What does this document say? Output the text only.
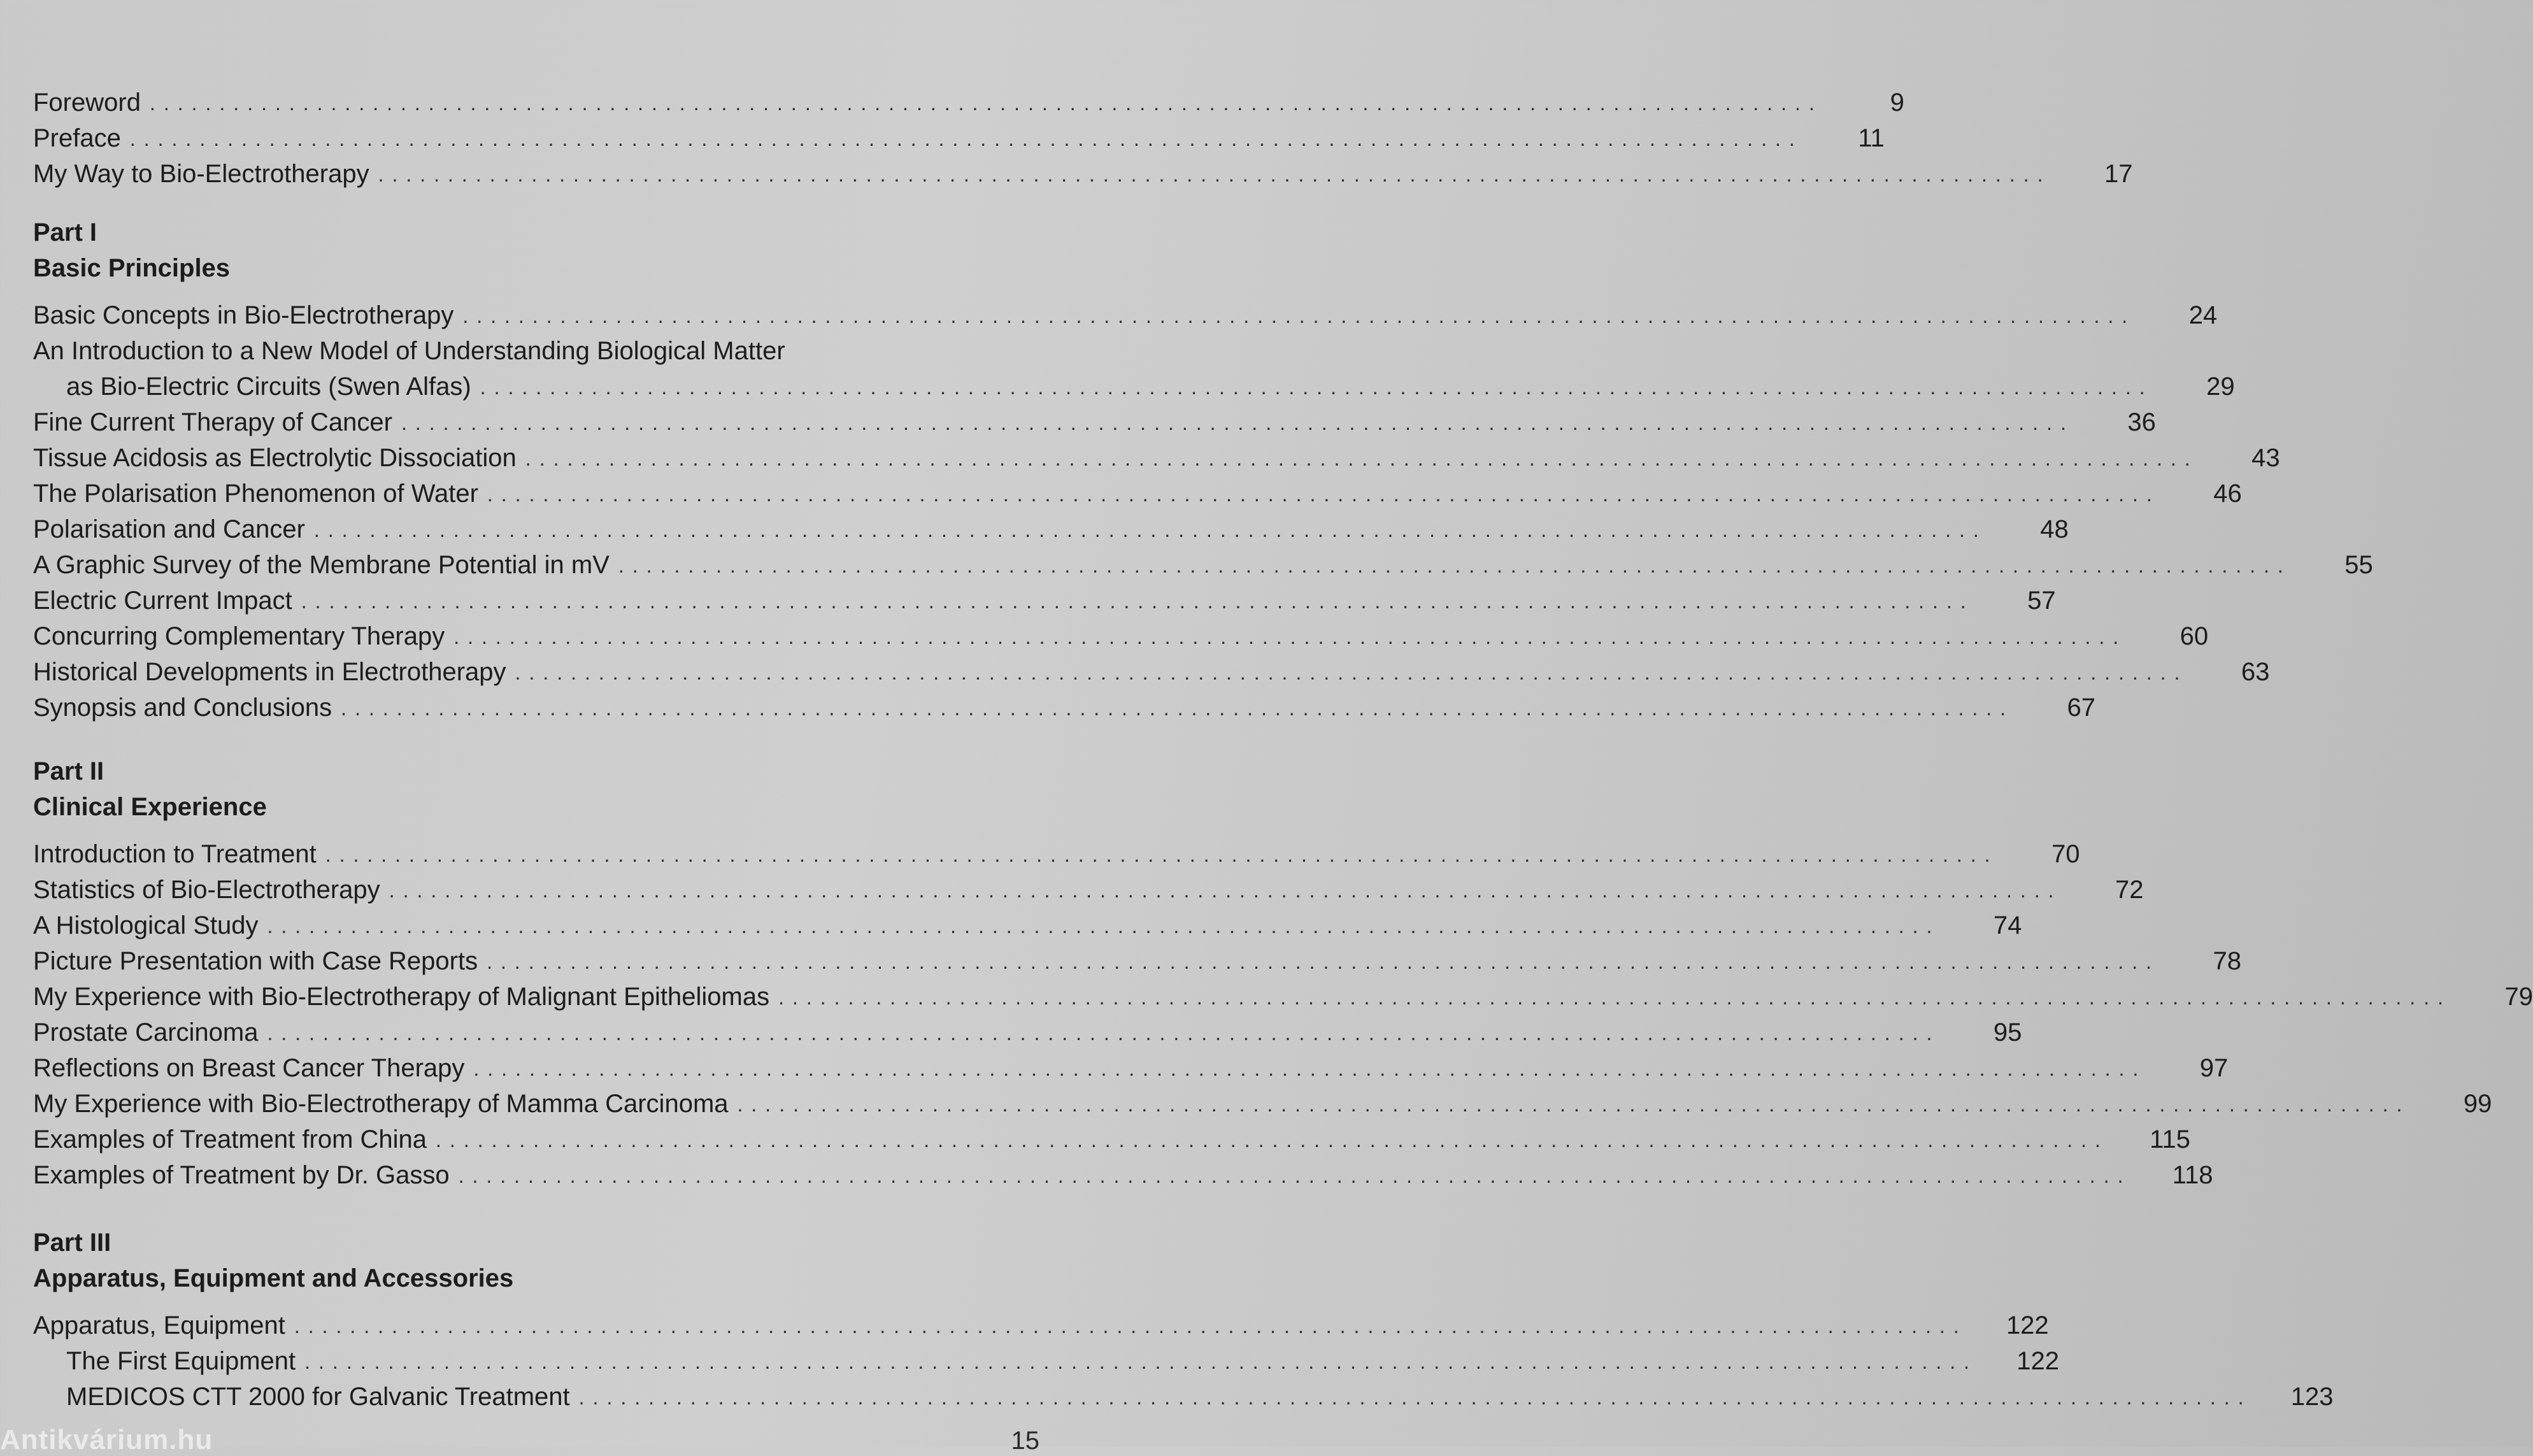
Foreword ........................................................................................................................	9
Preface ........................................................................................................................	11
My Way to Bio-Electrotherapy ........................................................................................................................	17
Part I
Basic Principles
Basic Concepts in Bio-Electrotherapy ........................................................................................................................	24
An Introduction to a New Model of Understanding Biological Matter
as Bio-Electric Circuits (Swen Alfas) ........................................................................................................................	29
Fine Current Therapy of Cancer ........................................................................................................................	36
Tissue Acidosis as Electrolytic Dissociation ........................................................................................................................	43
The Polarisation Phenomenon of Water ........................................................................................................................	46
Polarisation and Cancer ........................................................................................................................	48
A Graphic Survey of the Membrane Potential in mV ........................................................................................................................	55
Electric Current Impact ........................................................................................................................	57
Concurring Complementary Therapy ........................................................................................................................	60
Historical Developments in Electrotherapy ........................................................................................................................	63
Synopsis and Conclusions ........................................................................................................................	67
Part II
Clinical Experience
Introduction to Treatment ........................................................................................................................	70
Statistics of Bio-Electrotherapy ........................................................................................................................	72
A Histological Study ........................................................................................................................	74
Picture Presentation with Case Reports ........................................................................................................................	78
My Experience with Bio-Electrotherapy of Malignant Epitheliomas ........................................................................................................................	79
Prostate Carcinoma ........................................................................................................................	95
Reflections on Breast Cancer Therapy ........................................................................................................................	97
My Experience with Bio-Electrotherapy of Mamma Carcinoma ........................................................................................................................	99
Examples of Treatment from China ........................................................................................................................	115
Examples of Treatment by Dr. Gasso ........................................................................................................................	118
Part III
Apparatus, Equipment and Accessories
Apparatus, Equipment ........................................................................................................................	122
The First Equipment ........................................................................................................................	122
MEDICOS CTT 2000 for Galvanic Treatment ........................................................................................................................	123
Antikvárium.hu	15
